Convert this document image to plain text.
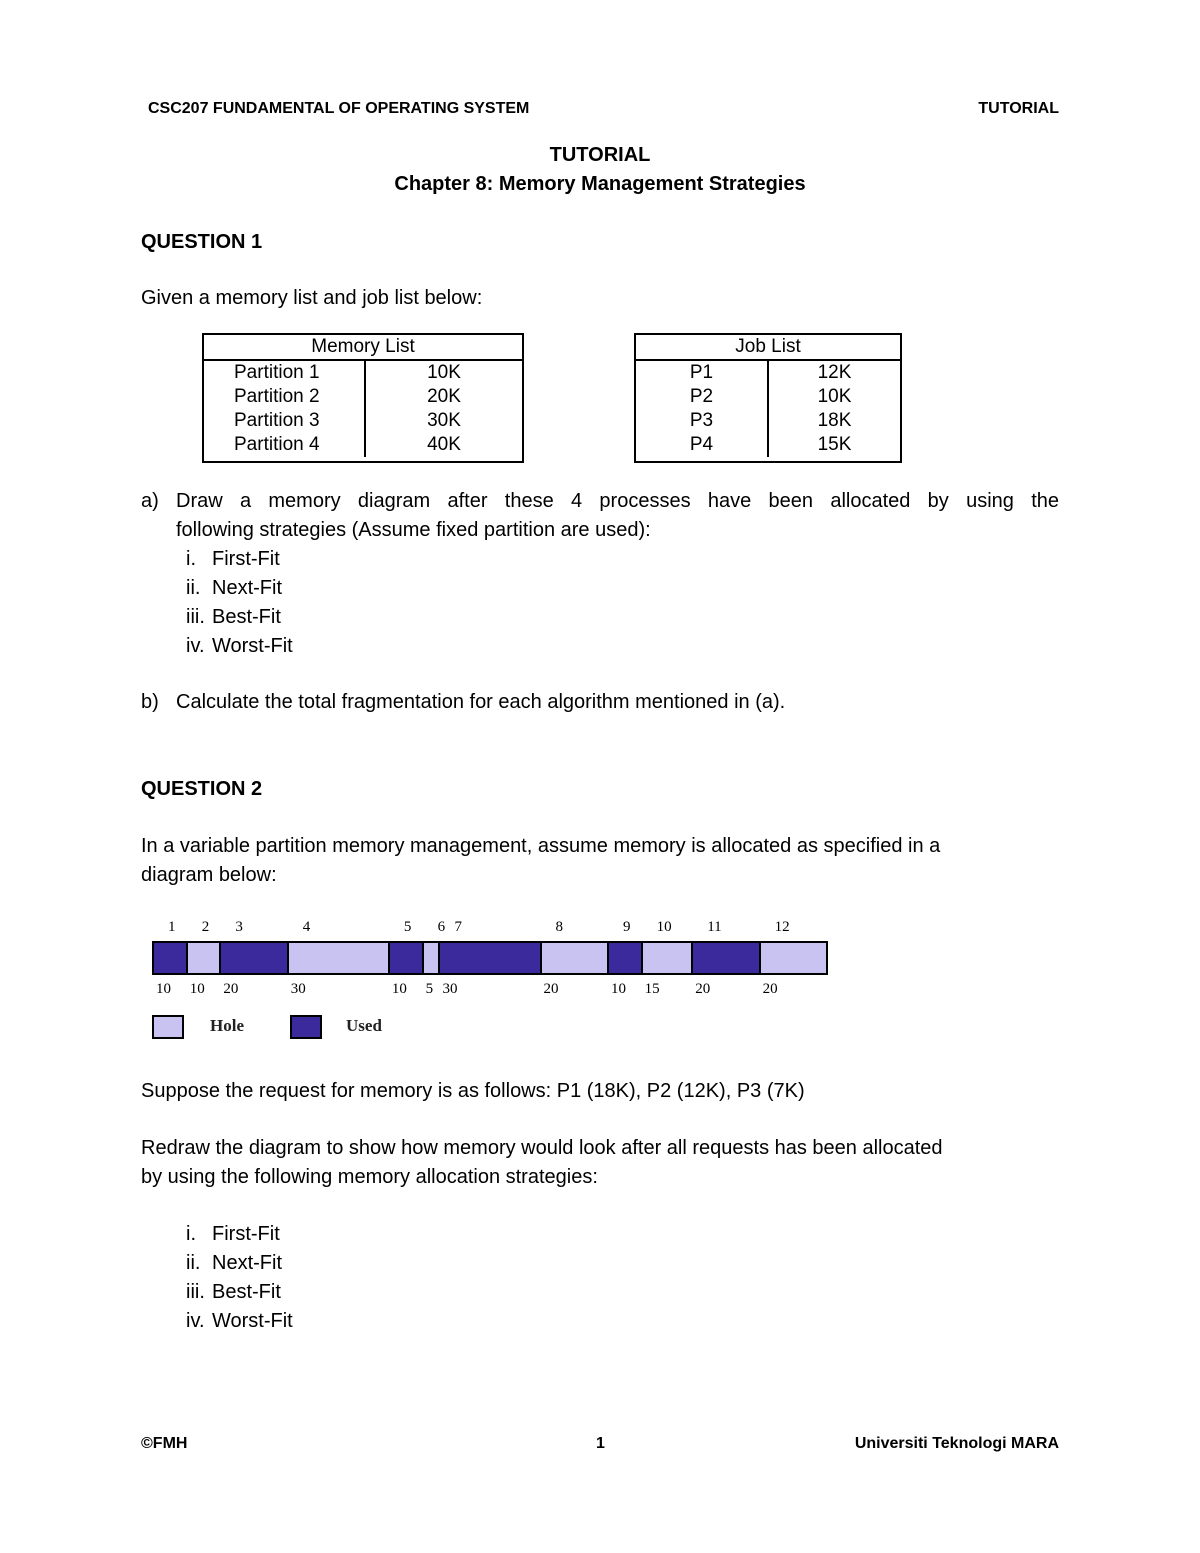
CSC207 FUNDAMENTAL OF OPERATING SYSTEM	TUTORIAL
TUTORIAL
Chapter 8: Memory Management Strategies
QUESTION 1
Given a memory list and job list below:
Memory List	
Partition 1	10K
Partition 2	20K
Partition 3	30K
Partition 4	40K
Job List	
P1	12K
P2	10K
P3	18K
P4	15K
a) Draw a memory diagram after these 4 processes have been allocated by using the
following strategies (Assume fixed partition are used):
i. First-Fit
ii. Next-Fit
iii. Best-Fit
iv. Worst-Fit
b) Calculate the total fragmentation for each algorithm mentioned in (a).
QUESTION 2
In a variable partition memory management, assume memory is allocated as specified in a
diagram below:
1
10
2
10
3
20
4
30
5
10
6
5
7
30
8
20
9
10
10
15
11
20
12
20
Hole	Used
Suppose the request for memory is as follows: P1 (18K), P2 (12K), P3 (7K)
Redraw the diagram to show how memory would look after all requests has been allocated
by using the following memory allocation strategies:
i. First-Fit
ii. Next-Fit
iii. Best-Fit
iv. Worst-Fit
©FMH	1	Universiti Teknologi MARA
